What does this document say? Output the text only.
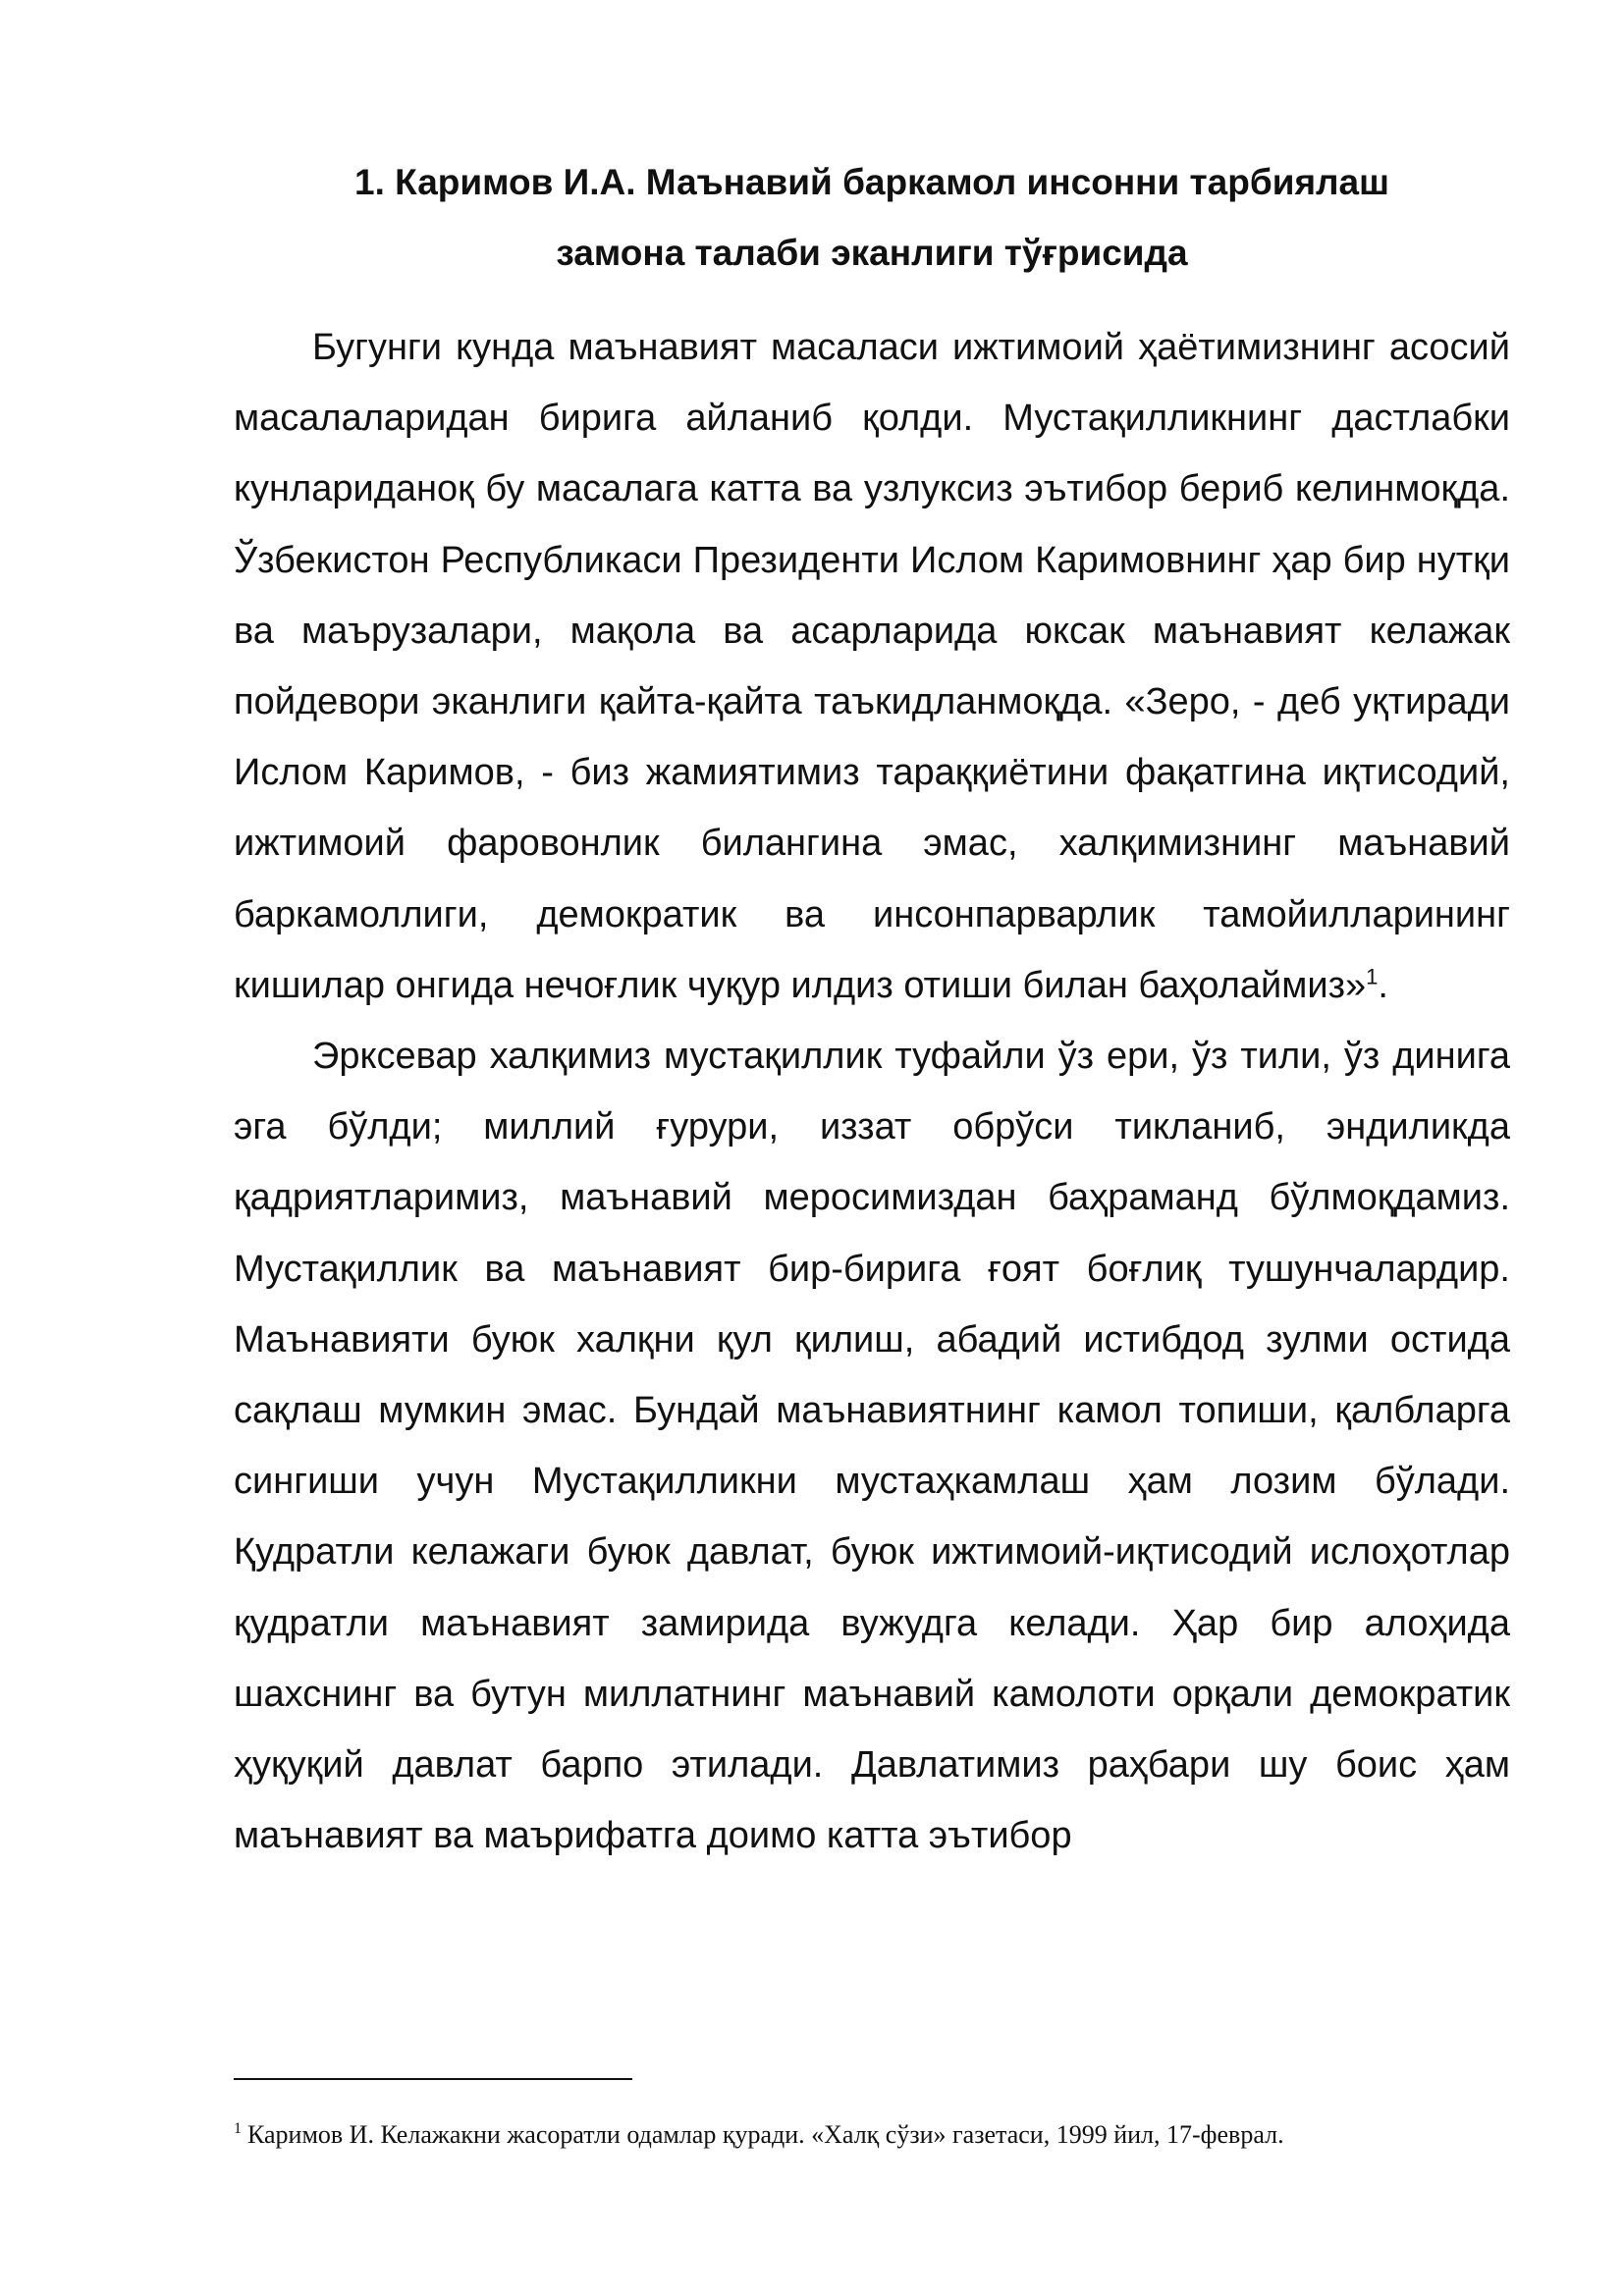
1. Каримов И.А. Маънавий баркамол инсонни тарбиялаш
замона талаби эканлиги тўғрисида

Бугунги кунда маънавият масаласи ижтимоий ҳаётимизнинг асосий масалаларидан бирига айланиб қолди. Мустақилликнинг дастлабки кунлариданоқ бу масалага катта ва узлуксиз эътибор бериб келинмоқда. Ўзбекистон Республикаси Президенти Ислом Каримовнинг ҳар бир нутқи ва маърузалари, мақола ва асарларида юксак маънавият келажак пойдевори эканлиги қайта-қайта таъкидланмоқда. «Зеро, - деб уқтиради Ислом Каримов, - биз жамиятимиз тараққиётини фақатгина иқтисодий, ижтимоий фаровонлик билангина эмас, халқимизнинг маънавий баркамоллиги, демократик ва инсонпарварлик тамойилларининг кишилар онгида нечоғлик чуқур илдиз отиши билан баҳолаймиз»$^1$.

Эрксевар халқимиз мустақиллик туфайли ўз ери, ўз тили, ўз динига эга бўлди; миллий ғурури, иззат обрўси тикланиб, эндиликда қадриятларимиз, маънавий меросимиздан баҳраманд бўлмоқдамиз. Мустақиллик ва маънавият бир-бирига ғоят боғлиқ тушунчалардир. Маънавияти буюк халқни қул қилиш, абадий истибдод зулми остида сақлаш мумкин эмас. Бундай маънавиятнинг камол топиши, қалбларга сингиши учун Мустақилликни мустаҳкамлаш ҳам лозим бўлади. Қудратли келажаги буюк давлат, буюк ижтимоий-иқтисодий ислоҳотлар қудратли маънавият замирида вужудга келади. Ҳар бир алоҳида шахснинг ва бутун миллатнинг маънавий камолоти орқали демократик ҳуқуқий давлат барпо этилади. Давлатимиз раҳбари шу боис ҳам маънавият ва маърифатга доимо катта эътибор

$^1$ Каримов И. Келажакни жасоратли одамлар қуради. «Халқ сўзи» газетаси, 1999 йил, 17-феврал.
